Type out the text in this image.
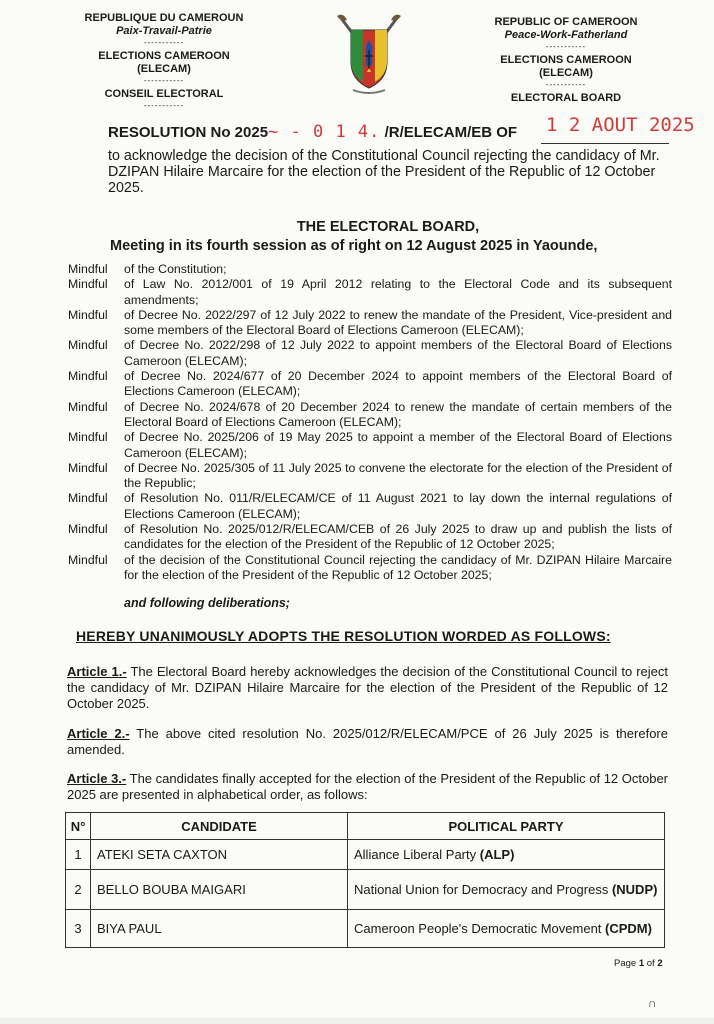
REPUBLIQUE DU CAMEROUN
Paix-Travail-Patrie
-----------
ELECTIONS CAMEROON
(ELECAM)
-----------
CONSEIL ELECTORAL
-----------
REPUBLIC OF CAMEROON
Peace-Work-Fatherland
-----------
ELECTIONS CAMEROON
(ELECAM)
-----------
ELECTORAL BOARD
RESOLUTION No 2025~ - 0 1 4. /R/ELECAM/EB OF 1 2 AOUT 2025
to acknowledge the decision of the Constitutional Council rejecting the candidacy of Mr. DZIPAN Hilaire Marcaire for the election of the President of the Republic of 12 October 2025.
THE ELECTORAL BOARD,
Meeting in its fourth session as of right on 12 August 2025 in Yaounde,
Mindful	of the Constitution;
Mindful	of Law No. 2012/001 of 19 April 2012 relating to the Electoral Code and its subsequent amendments;
Mindful	of Decree No. 2022/297 of 12 July 2022 to renew the mandate of the President, Vice-president and some members of the Electoral Board of Elections Cameroon (ELECAM);
Mindful	of Decree No. 2022/298 of 12 July 2022 to appoint members of the Electoral Board of Elections Cameroon (ELECAM);
Mindful	of Decree No. 2024/677 of 20 December 2024 to appoint members of the Electoral Board of Elections Cameroon (ELECAM);
Mindful	of Decree No. 2024/678 of 20 December 2024 to renew the mandate of certain members of the Electoral Board of Elections Cameroon (ELECAM);
Mindful	of Decree No. 2025/206 of 19 May 2025 to appoint a member of the Electoral Board of Elections Cameroon (ELECAM);
Mindful	of Decree No. 2025/305 of 11 July 2025 to convene the electorate for the election of the President of the Republic;
Mindful	of Resolution No. 011/R/ELECAM/CE of 11 August 2021 to lay down the internal regulations of Elections Cameroon (ELECAM);
Mindful	of Resolution No. 2025/012/R/ELECAM/CEB of 26 July 2025 to draw up and publish the lists of candidates for the election of the President of the Republic of 12 October 2025;
Mindful	of the decision of the Constitutional Council rejecting the candidacy of Mr. DZIPAN Hilaire Marcaire for the election of the President of the Republic of 12 October 2025;
and following deliberations;
HEREBY UNANIMOUSLY ADOPTS THE RESOLUTION WORDED AS FOLLOWS:
Article 1.- The Electoral Board hereby acknowledges the decision of the Constitutional Council to reject the candidacy of Mr. DZIPAN Hilaire Marcaire for the election of the President of the Republic of 12 October 2025.
Article 2.- The above cited resolution No. 2025/012/R/ELECAM/PCE of 26 July 2025 is therefore amended.
Article 3.- The candidates finally accepted for the election of the President of the Republic of 12 October 2025 are presented in alphabetical order, as follows:
N°	CANDIDATE	POLITICAL PARTY
1	ATEKI SETA CAXTON	Alliance Liberal Party (ALP)
2	BELLO BOUBA MAIGARI	National Union for Democracy and Progress (NUDP)
3	BIYA PAUL	Cameroon People's Democratic Movement (CPDM)
Page 1 of 2
∩
